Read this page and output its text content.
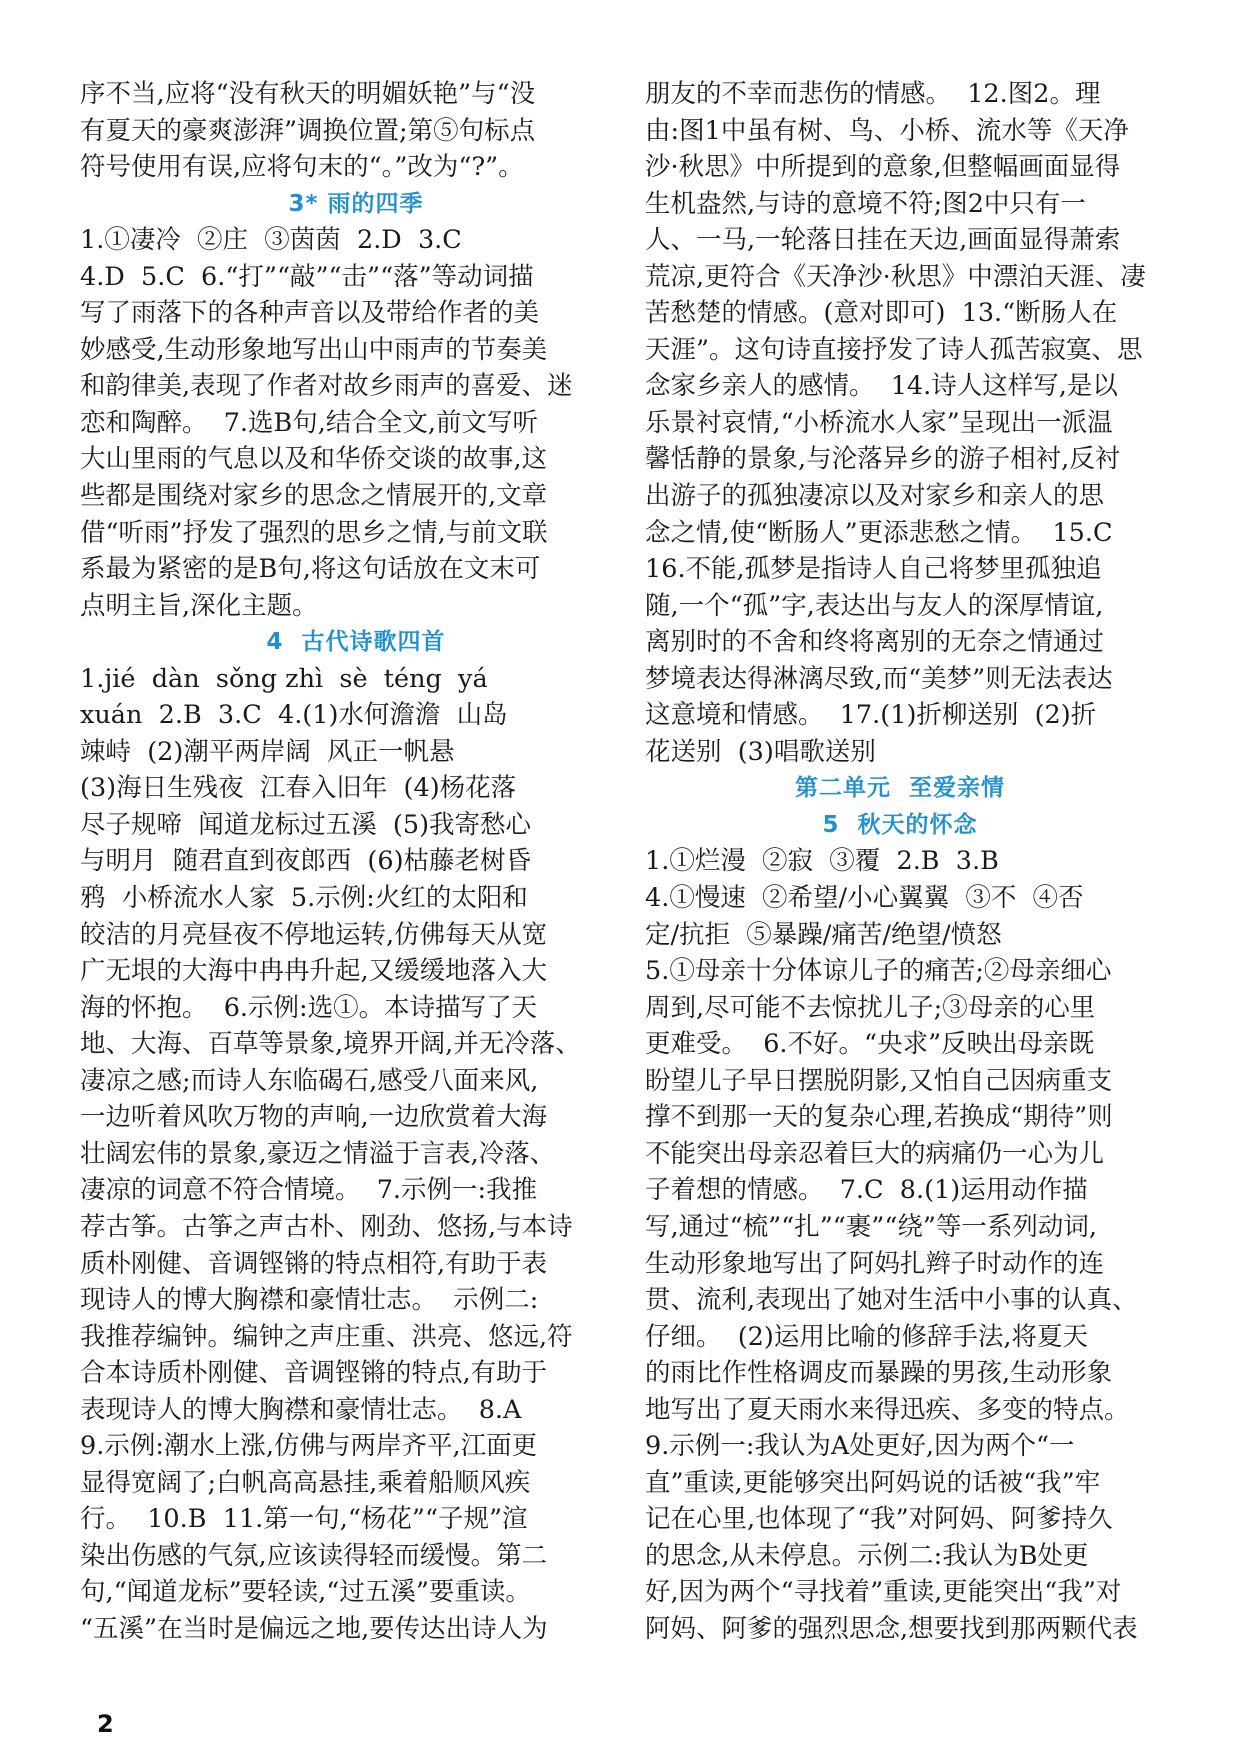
序不当,应将“没有秋天的明媚妖艳”与“没
有夏天的豪爽澎湃”调换位置;第⑤句标点
符号使用有误,应将句末的“。”改为“?”。
3* 雨的四季
1.①凄冷  ②庄  ③茵茵  2.D  3.C
4.D  5.C  6.“打”“敲”“击”“落”等动词描
写了雨落下的各种声音以及带给作者的美
妙感受,生动形象地写出山中雨声的节奏美
和韵律美,表现了作者对故乡雨声的喜爱、迷
恋和陶醉。  7.选B句,结合全文,前文写听
大山里雨的气息以及和华侨交谈的故事,这
些都是围绕对家乡的思念之情展开的,文章
借“听雨”抒发了强烈的思乡之情,与前文联
系最为紧密的是B句,将这句话放在文末可
点明主旨,深化主题。
4  古代诗歌四首
1.jié  dàn  sǒng zhì  sè  téng  yá
xuán  2.B  3.C  4.(1)水何澹澹  山岛
竦峙  (2)潮平两岸阔  风正一帆悬
(3)海日生残夜  江春入旧年  (4)杨花落
尽子规啼  闻道龙标过五溪  (5)我寄愁心
与明月  随君直到夜郎西  (6)枯藤老树昏
鸦  小桥流水人家  5.示例:火红的太阳和
皎洁的月亮昼夜不停地运转,仿佛每天从宽
广无垠的大海中冉冉升起,又缓缓地落入大
海的怀抱。  6.示例:选①。本诗描写了天
地、大海、百草等景象,境界开阔,并无冷落、
凄凉之感;而诗人东临碣石,感受八面来风,
一边听着风吹万物的声响,一边欣赏着大海
壮阔宏伟的景象,豪迈之情溢于言表,冷落、
凄凉的词意不符合情境。  7.示例一:我推
荐古筝。古筝之声古朴、刚劲、悠扬,与本诗
质朴刚健、音调铿锵的特点相符,有助于表
现诗人的博大胸襟和豪情壮志。  示例二:
我推荐编钟。编钟之声庄重、洪亮、悠远,符
合本诗质朴刚健、音调铿锵的特点,有助于
表现诗人的博大胸襟和豪情壮志。  8.A
9.示例:潮水上涨,仿佛与两岸齐平,江面更
显得宽阔了;白帆高高悬挂,乘着船顺风疾
行。  10.B  11.第一句,“杨花”“子规”渲
染出伤感的气氛,应该读得轻而缓慢。第二
句,“闻道龙标”要轻读,“过五溪”要重读。
“五溪”在当时是偏远之地,要传达出诗人为
朋友的不幸而悲伤的情感。  12.图2。理
由:图1中虽有树、鸟、小桥、流水等《天净
沙·秋思》中所提到的意象,但整幅画面显得
生机盎然,与诗的意境不符;图2中只有一
人、一马,一轮落日挂在天边,画面显得萧索
荒凉,更符合《天净沙·秋思》中漂泊天涯、凄
苦愁楚的情感。(意对即可)  13.“断肠人在
天涯”。这句诗直接抒发了诗人孤苦寂寞、思
念家乡亲人的感情。  14.诗人这样写,是以
乐景衬哀情,“小桥流水人家”呈现出一派温
馨恬静的景象,与沦落异乡的游子相衬,反衬
出游子的孤独凄凉以及对家乡和亲人的思
念之情,使“断肠人”更添悲愁之情。  15.C
16.不能,孤梦是指诗人自己将梦里孤独追
随,一个“孤”字,表达出与友人的深厚情谊,
离别时的不舍和终将离别的无奈之情通过
梦境表达得淋漓尽致,而“美梦”则无法表达
这意境和情感。  17.(1)折柳送别  (2)折
花送别  (3)唱歌送别
第二单元  至爱亲情
5  秋天的怀念
1.①烂漫  ②寂  ③覆  2.B  3.B
4.①慢速  ②希望/小心翼翼  ③不  ④否
定/抗拒  ⑤暴躁/痛苦/绝望/愤怒
5.①母亲十分体谅儿子的痛苦;②母亲细心
周到,尽可能不去惊扰儿子;③母亲的心里
更难受。  6.不好。“央求”反映出母亲既
盼望儿子早日摆脱阴影,又怕自己因病重支
撑不到那一天的复杂心理,若换成“期待”则
不能突出母亲忍着巨大的病痛仍一心为儿
子着想的情感。  7.C  8.(1)运用动作描
写,通过“梳”“扎”“裹”“绕”等一系列动词,
生动形象地写出了阿妈扎辫子时动作的连
贯、流利,表现出了她对生活中小事的认真、
仔细。  (2)运用比喻的修辞手法,将夏天
的雨比作性格调皮而暴躁的男孩,生动形象
地写出了夏天雨水来得迅疾、多变的特点。
9.示例一:我认为A处更好,因为两个“一
直”重读,更能够突出阿妈说的话被“我”牢
记在心里,也体现了“我”对阿妈、阿爹持久
的思念,从未停息。示例二:我认为B处更
好,因为两个“寻找着”重读,更能突出“我”对
阿妈、阿爹的强烈思念,想要找到那两颗代表
2
